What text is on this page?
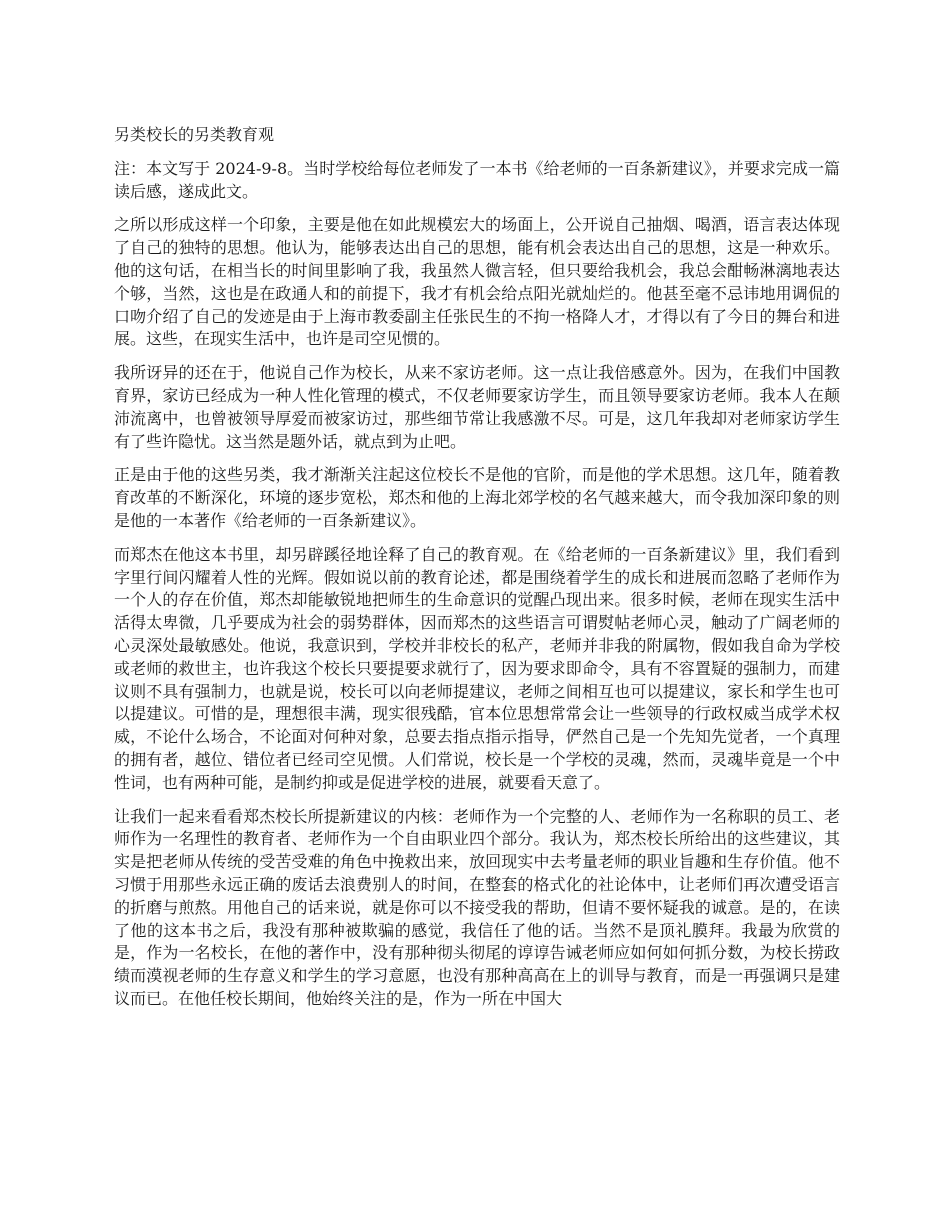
另类校长的另类教育观

注：本文写于 2024-9-8。当时学校给每位老师发了一本书《给老师的一百条新建议》，并要求完成一篇读后感，遂成此文。

之所以形成这样一个印象，主要是他在如此规模宏大的场面上，公开说自己抽烟、喝酒，语言表达体现了自己的独特的思想。他认为，能够表达出自己的思想，能有机会表达出自己的思想，这是一种欢乐。他的这句话，在相当长的时间里影响了我，我虽然人微言轻，但只要给我机会，我总会酣畅淋漓地表达个够，当然，这也是在政通人和的前提下，我才有机会给点阳光就灿烂的。他甚至毫不忌讳地用调侃的口吻介绍了自己的发迹是由于上海市教委副主任张民生的不拘一格降人才，才得以有了今日的舞台和进展。这些，在现实生活中，也许是司空见惯的。

我所讶异的还在于，他说自己作为校长，从来不家访老师。这一点让我倍感意外。因为，在我们中国教育界，家访已经成为一种人性化管理的模式，不仅老师要家访学生，而且领导要家访老师。我本人在颠沛流离中，也曾被领导厚爱而被家访过，那些细节常让我感激不尽。可是，这几年我却对老师家访学生有了些许隐忧。这当然是题外话，就点到为止吧。

正是由于他的这些另类，我才渐渐关注起这位校长不是他的官阶，而是他的学术思想。这几年，随着教育改革的不断深化，环境的逐步宽松，郑杰和他的上海北郊学校的名气越来越大，而令我加深印象的则是他的一本著作《给老师的一百条新建议》。

而郑杰在他这本书里，却另辟蹊径地诠释了自己的教育观。在《给老师的一百条新建议》里，我们看到字里行间闪耀着人性的光辉。假如说以前的教育论述，都是围绕着学生的成长和进展而忽略了老师作为一个人的存在价值，郑杰却能敏锐地把师生的生命意识的觉醒凸现出来。很多时候，老师在现实生活中活得太卑微，几乎要成为社会的弱势群体，因而郑杰的这些语言可谓熨帖老师心灵，触动了广阔老师的心灵深处最敏感处。他说，我意识到，学校并非校长的私产，老师并非我的附属物，假如我自命为学校或老师的救世主，也许我这个校长只要提要求就行了，因为要求即命令，具有不容置疑的强制力，而建议则不具有强制力，也就是说，校长可以向老师提建议，老师之间相互也可以提建议，家长和学生也可以提建议。可惜的是，理想很丰满，现实很残酷，官本位思想常常会让一些领导的行政权威当成学术权威，不论什么场合，不论面对何种对象，总要去指点指示指导，俨然自己是一个先知先觉者，一个真理的拥有者，越位、错位者已经司空见惯。人们常说，校长是一个学校的灵魂，然而，灵魂毕竟是一个中性词，也有两种可能，是制约抑或是促进学校的进展，就要看天意了。

让我们一起来看看郑杰校长所提新建议的内核：老师作为一个完整的人、老师作为一名称职的员工、老师作为一名理性的教育者、老师作为一个自由职业四个部分。我认为，郑杰校长所给出的这些建议，其实是把老师从传统的受苦受难的角色中挽救出来，放回现实中去考量老师的职业旨趣和生存价值。他不习惯于用那些永远正确的废话去浪费别人的时间，在整套的格式化的社论体中，让老师们再次遭受语言的折磨与煎熬。用他自己的话来说，就是你可以不接受我的帮助，但请不要怀疑我的诚意。是的，在读了他的这本书之后，我没有那种被欺骗的感觉，我信任了他的话。当然不是顶礼膜拜。我最为欣赏的是，作为一名校长，在他的著作中，没有那种彻头彻尾的谆谆告诫老师应如何如何抓分数，为校长捞政绩而漠视老师的生存意义和学生的学习意愿，也没有那种高高在上的训导与教育，而是一再强调只是建议而已。在他任校长期间，他始终关注的是，作为一所在中国大
